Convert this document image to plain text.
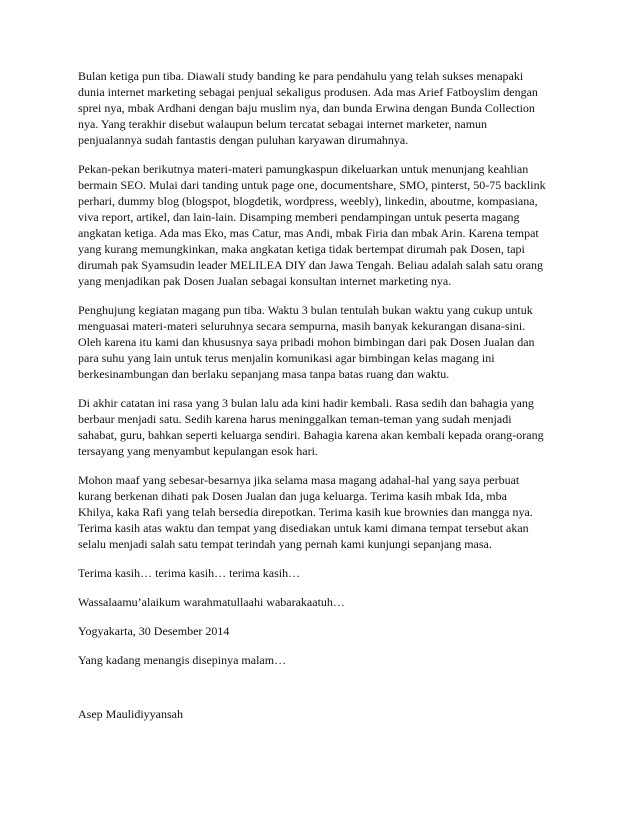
Bulan ketiga pun tiba. Diawali study banding ke para pendahulu yang telah sukses menapaki
dunia internet marketing sebagai penjual sekaligus produsen. Ada mas Arief Fatboyslim dengan
sprei nya, mbak Ardhani dengan baju muslim nya, dan bunda Erwina dengan Bunda Collection
nya. Yang terakhir disebut walaupun belum tercatat sebagai internet marketer, namun
penjualannya sudah fantastis dengan puluhan karyawan dirumahnya.
Pekan-pekan berikutnya materi-materi pamungkaspun dikeluarkan untuk menunjang keahlian
bermain SEO. Mulai dari tanding untuk page one, documentshare, SMO, pinterst, 50-75 backlink
perhari, dummy blog (blogspot, blogdetik, wordpress, weebly), linkedin, aboutme, kompasiana,
viva report, artikel, dan lain-lain. Disamping memberi pendampingan untuk peserta magang
angkatan ketiga. Ada mas Eko, mas Catur, mas Andi, mbak Firia dan mbak Arin. Karena tempat
yang kurang memungkinkan, maka angkatan ketiga tidak bertempat dirumah pak Dosen, tapi
dirumah pak Syamsudin leader MELILEA DIY dan Jawa Tengah. Beliau adalah salah satu orang
yang menjadikan pak Dosen Jualan sebagai konsultan internet marketing nya.
Penghujung kegiatan magang pun tiba. Waktu 3 bulan tentulah bukan waktu yang cukup untuk
menguasai materi-materi seluruhnya secara sempurna, masih banyak kekurangan disana-sini.
Oleh karena itu kami dan khususnya saya pribadi mohon bimbingan dari pak Dosen Jualan dan
para suhu yang lain untuk terus menjalin komunikasi agar bimbingan kelas magang ini
berkesinambungan dan berlaku sepanjang masa tanpa batas ruang dan waktu.
Di akhir catatan ini rasa yang 3 bulan lalu ada kini hadir kembali. Rasa sedih dan bahagia yang
berbaur menjadi satu. Sedih karena harus meninggalkan teman-teman yang sudah menjadi
sahabat, guru, bahkan seperti keluarga sendiri. Bahagia karena akan kembali kepada orang-orang
tersayang yang menyambut kepulangan esok hari.
Mohon maaf yang sebesar-besarnya jika selama masa magang adahal-hal yang saya perbuat
kurang berkenan dihati pak Dosen Jualan dan juga keluarga. Terima kasih mbak Ida, mba
Khilya, kaka Rafi yang telah bersedia direpotkan. Terima kasih kue brownies dan mangga nya.
Terima kasih atas waktu dan tempat yang disediakan untuk kami dimana tempat tersebut akan
selalu menjadi salah satu tempat terindah yang pernah kami kunjungi sepanjang masa.
Terima kasih… terima kasih… terima kasih…
Wassalaamu’alaikum warahmatullaahi wabarakaatuh…
Yogyakarta, 30 Desember 2014
Yang kadang menangis disepinya malam…
Asep Maulidiyyansah
